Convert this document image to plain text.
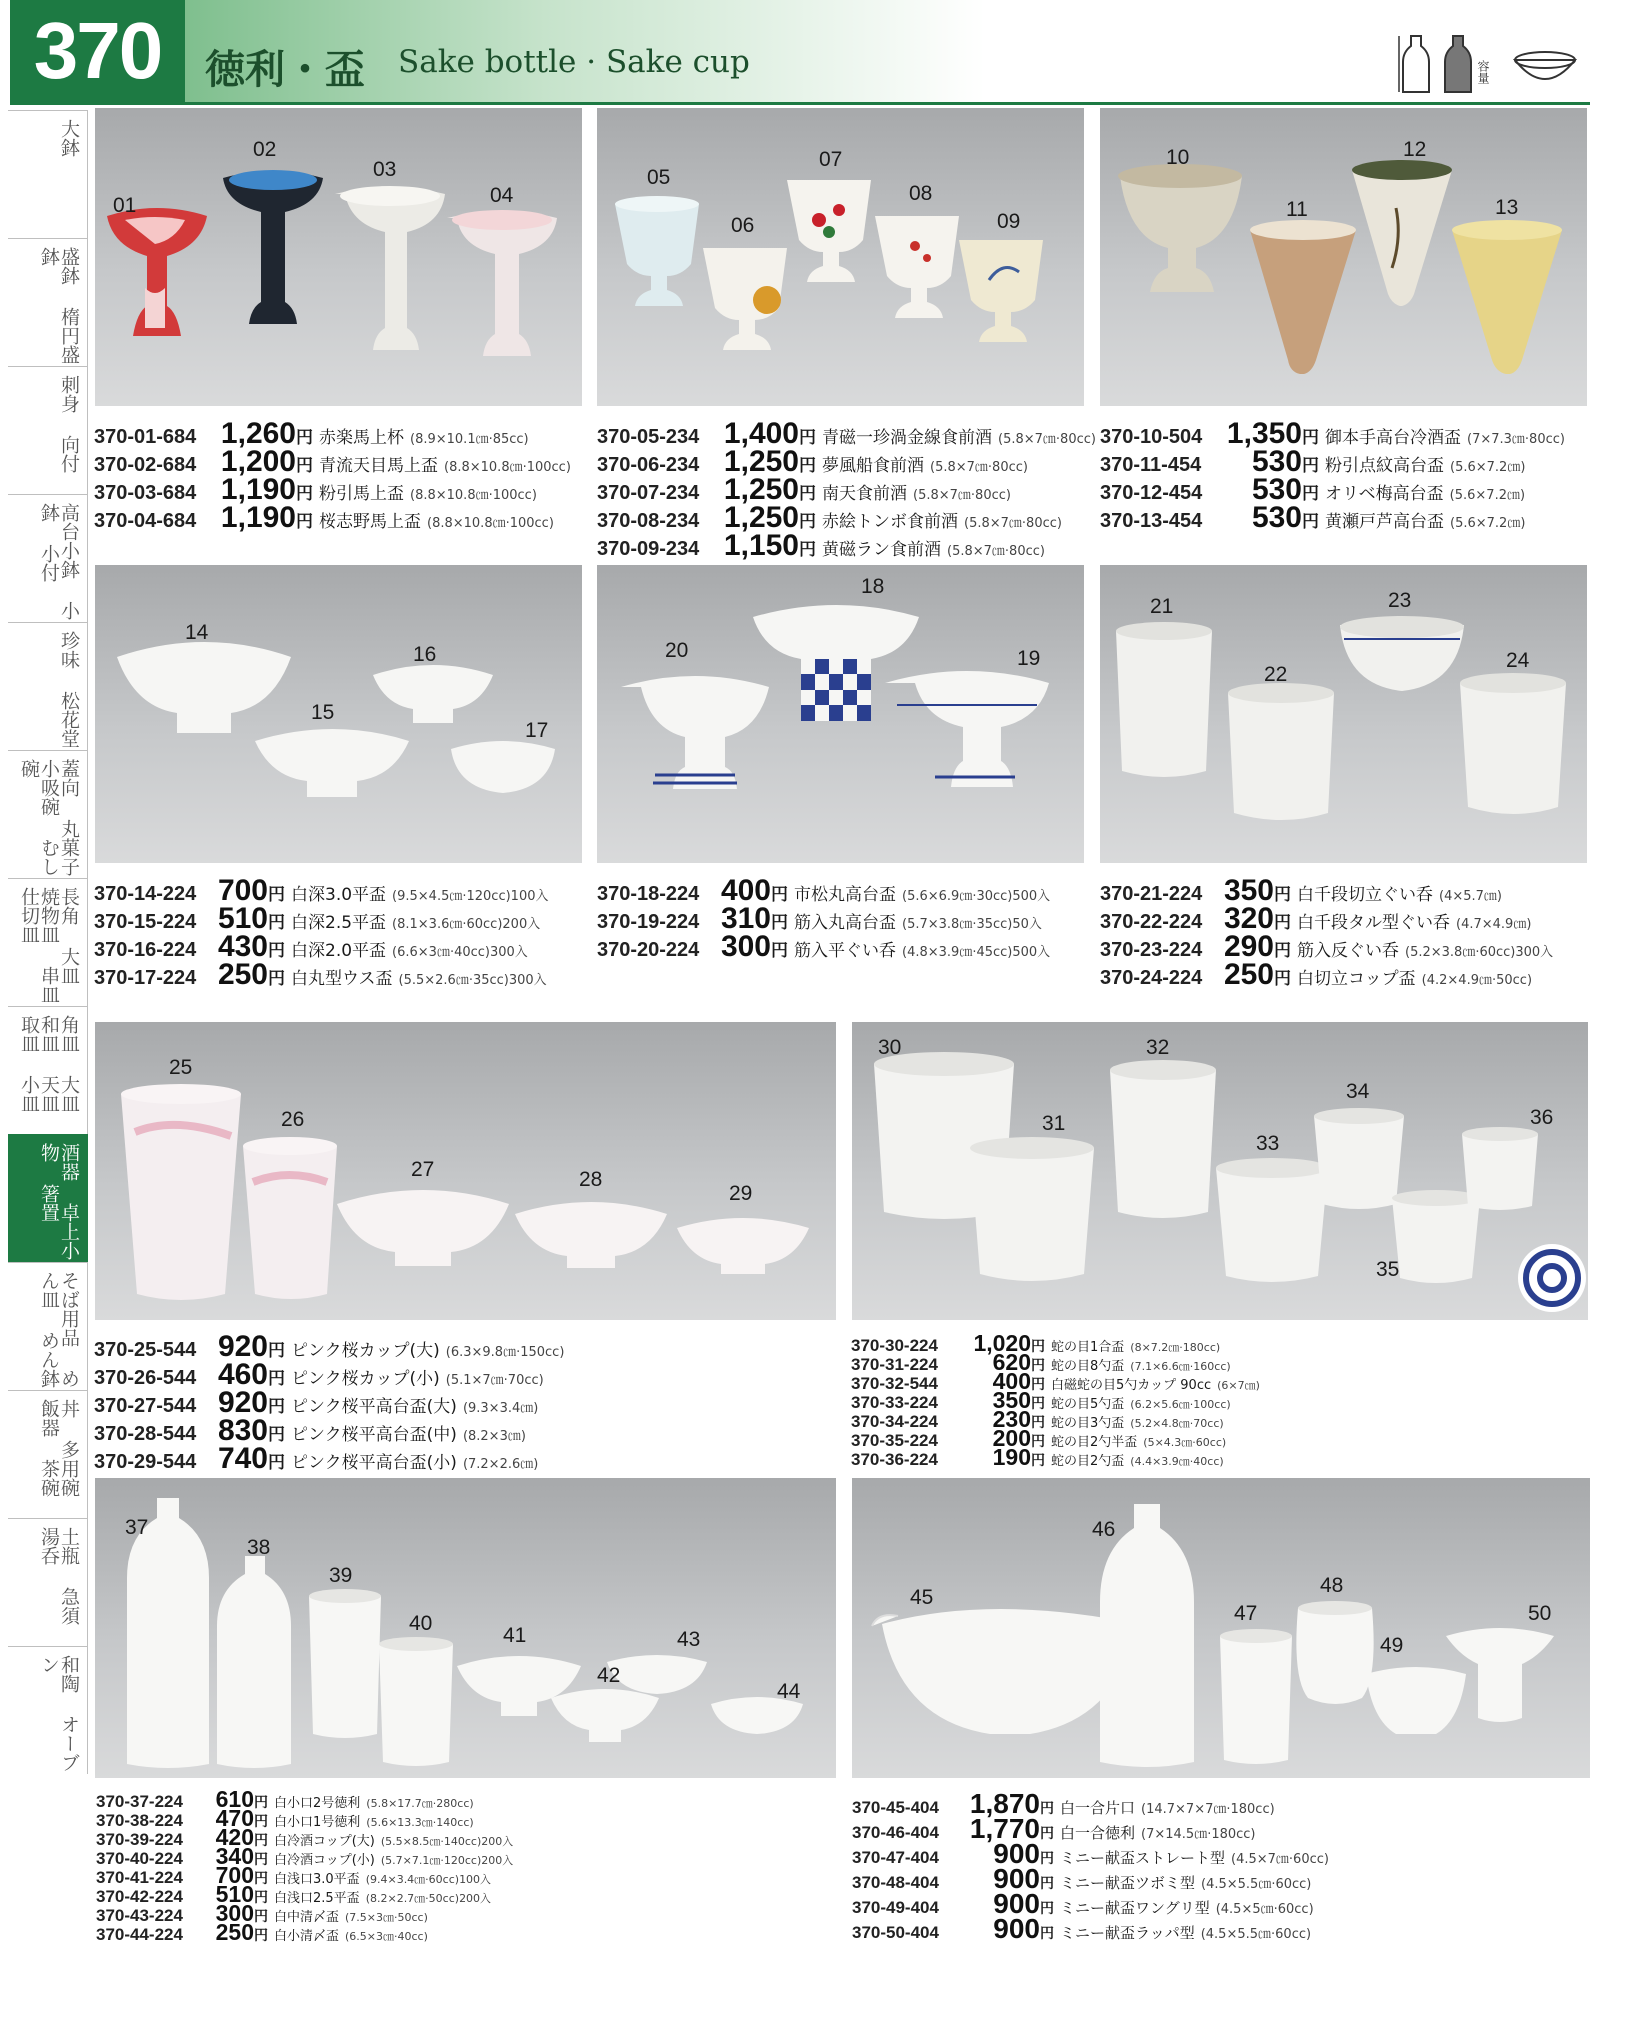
370	徳利・盃 Sake bottle · Sake cup	容量
大鉢
盛鉢 楕円盛鉢
刺身 向付
高台小鉢 小鉢 小付
珍味 松花堂
蓋向 丸菓子 小吸碗 むし碗
長角 大皿 焼物皿 串皿 仕切皿
角皿 大皿 和皿 天皿 取皿 小皿
酒器 卓上小物 箸置
そば用品 めん皿 めん鉢
丼 多用碗 飯器 茶碗
土瓶 急須 湯呑
和陶 オーブン
01
02
03
04
05
06
07
08
09
10
11
12
13
370-01-684 1,260 円 赤楽馬上杯 (8.9×10.1㎝·85cc)
370-02-684 1,200 円 青流天目馬上盃 (8.8×10.8㎝·100cc)
370-03-684 1,190 円 粉引馬上盃 (8.8×10.8㎝·100cc)
370-04-684 1,190 円 桜志野馬上盃 (8.8×10.8㎝·100cc)
370-05-234 1,400 円 青磁一珍渦金線食前酒 (5.8×7㎝·80cc)
370-06-234 1,250 円 夢風船食前酒 (5.8×7㎝·80cc)
370-07-234 1,250 円 南天食前酒 (5.8×7㎝·80cc)
370-08-234 1,250 円 赤絵トンボ食前酒 (5.8×7㎝·80cc)
370-09-234 1,150 円 黄磁ラン食前酒 (5.8×7㎝·80cc)
370-10-504 1,350 円 御本手高台冷酒盃 (7×7.3㎝·80cc)
370-11-454	530 円 粉引点紋高台盃 (5.6×7.2㎝)
370-12-454	530 円 オリベ梅高台盃 (5.6×7.2㎝)
370-13-454	530 円 黄瀬戸芦高台盃 (5.6×7.2㎝)
14
15
16
17
18
19
20
21
22
23
24
370-14-224 700 円 白深3.0平盃 (9.5×4.5㎝·120cc)100入
370-15-224 510 円 白深2.5平盃 (8.1×3.6㎝·60cc)200入
370-16-224 430 円 白深2.0平盃 (6.6×3㎝·40cc)300入
370-17-224 250 円 白丸型ウス盃 (5.5×2.6㎝·35cc)300入
370-18-224 400 円 市松丸高台盃 (5.6×6.9㎝·30cc)500入
370-19-224 310 円 筋入丸高台盃 (5.7×3.8㎝·35cc)50入
370-20-224 300 円 筋入平ぐい呑 (4.8×3.9㎝·45cc)500入
370-21-224 350 円 白千段切立ぐい呑 (4×5.7㎝)
370-22-224 320 円 白千段タル型ぐい呑 (4.7×4.9㎝)
370-23-224 290 円 筋入反ぐい呑 (5.2×3.8㎝·60cc)300入
370-24-224 250 円 白切立コップ盃 (4.2×4.9㎝·50cc)
25
26
27	28
29
30
31
32
33
34
35
36
370-25-544 920 円 ピンク桜カップ(大) (6.3×9.8㎝·150cc)
370-26-544 460 円 ピンク桜カップ(小) (5.1×7㎝·70cc)
370-27-544 920 円 ピンク桜平高台盃(大) (9.3×3.4㎝)
370-28-544 830 円 ピンク桜平高台盃(中) (8.2×3㎝)
370-29-544 740 円 ピンク桜平高台盃(小) (7.2×2.6㎝)
370-30-224	1,020 円 蛇の目1合盃 (8×7.2㎝·180cc)
370-31-224	620 円 蛇の目8勺盃 (7.1×6.6㎝·160cc)
370-32-544	400 円 白磁蛇の目5勺カップ 90cc (6×7㎝)
370-33-224	350 円 蛇の目5勺盃 (6.2×5.6㎝·100cc)
370-34-224	230 円 蛇の目3勺盃 (5.2×4.8㎝·70cc)
370-35-224	200 円 蛇の目2勺半盃 (5×4.3㎝·60cc)
370-36-224	190 円 蛇の目2勺盃 (4.4×3.9㎝·40cc)
37
38
39
40
41
42
43
44
45
46
47
48
49
50
370-37-224	610 円 白小口2号徳利 (5.8×17.7㎝·280cc)
370-38-224	470 円 白小口1号徳利 (5.6×13.3㎝·140cc)
370-39-224	420 円 白冷酒コップ(大) (5.5×8.5㎝·140cc)200入
370-40-224	340 円 白冷酒コップ(小) (5.7×7.1㎝·120cc)200入
370-41-224	700 円 白浅口3.0平盃 (9.4×3.4㎝·60cc)100入
370-42-224	510 円 白浅口2.5平盃 (8.2×2.7㎝·50cc)200入
370-43-224	300 円 白中清〆盃 (7.5×3㎝·50cc)
370-44-224	250 円 白小清〆盃 (6.5×3㎝·40cc)
370-45-404	1,870 円 白一合片口 (14.7×7×7㎝·180cc)
370-46-404	1,770 円 白一合徳利 (7×14.5㎝·180cc)
370-47-404	900 円 ミニー献盃ストレート型 (4.5×7㎝·60cc)
370-48-404	900 円 ミニー献盃ツボミ型 (4.5×5.5㎝·60cc)
370-49-404	900 円 ミニー献盃ワングリ型 (4.5×5㎝·60cc)
370-50-404	900 円 ミニー献盃ラッパ型 (4.5×5.5㎝·60cc)
